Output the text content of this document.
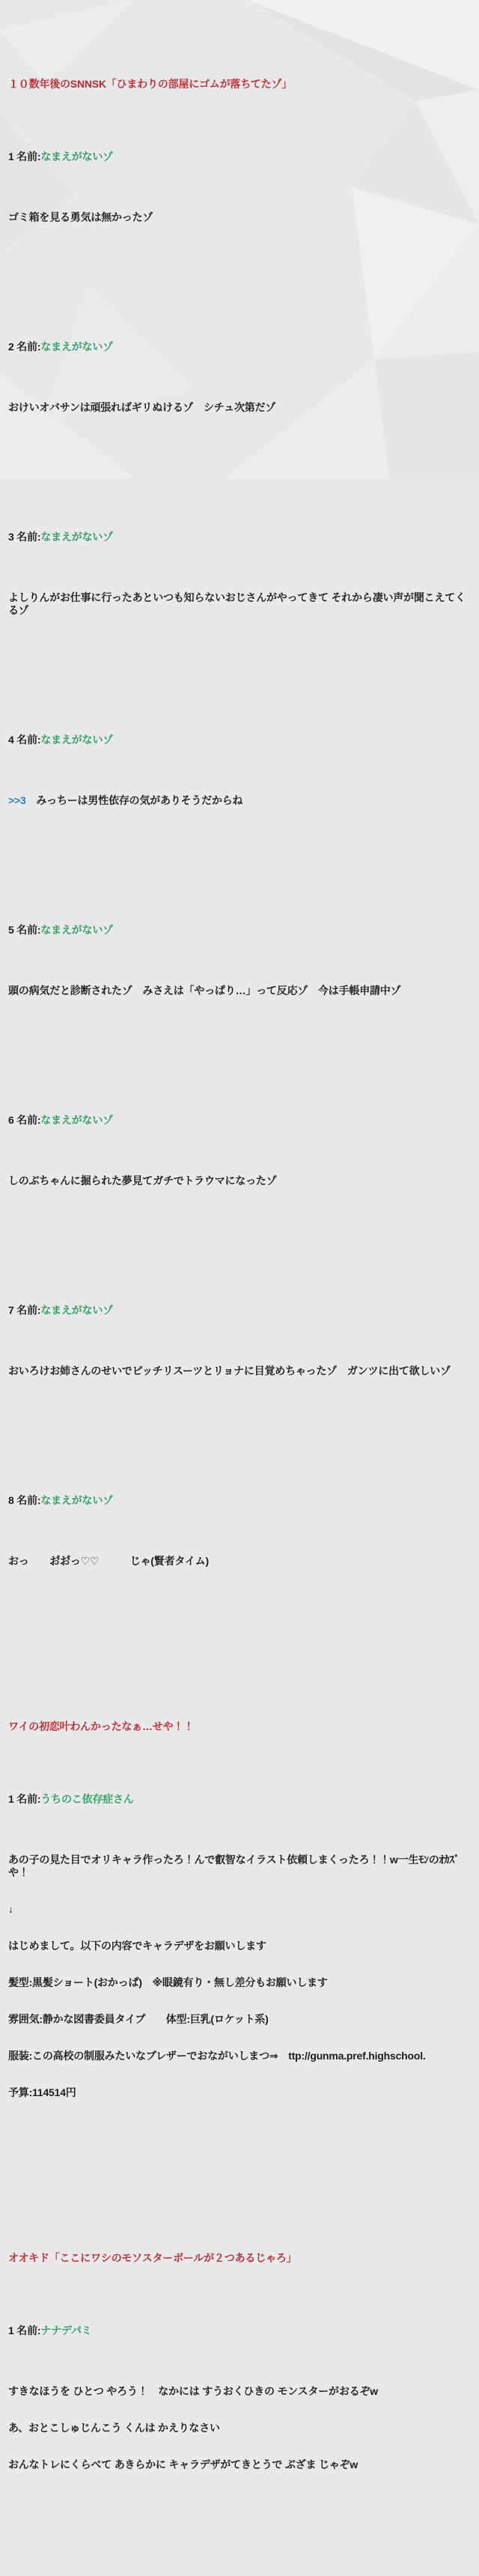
１０数年後のSNNSK「ひまわりの部屋にゴムが落ちてたゾ」

1 名前:なまえがないゾ

ゴミ箱を見る勇気は無かったゾ

2 名前:なまえがないゾ

おけいオバサンは頑張ればギリぬけるゾ　シチュ次第だゾ

3 名前:なまえがないゾ

よしりんがお仕事に行ったあといつも知らないおじさんがやってきて それから凄い声が聞こえてくるゾ

4 名前:なまえがないゾ

>>3　みっちーは男性依存の気がありそうだからね

5 名前:なまえがないゾ

頭の病気だと診断されたゾ　みさえは「やっぱり…」って反応ゾ　今は手帳申請中ゾ

6 名前:なまえがないゾ

しのぶちゃんに掘られた夢見てガチでトラウマになったゾ

7 名前:なまえがないゾ

おいろけお姉さんのせいでピッチリスーツとリョナに目覚めちゃったゾ　ガンツに出て欲しいゾ

8 名前:なまえがないゾ

おっ　　お゙お゙っ♡♡　　　じゃ(賢者タイム)

ワイの初恋叶わんかったなぁ…せや！！

1 名前:うちのこ依存症さん

あの子の見た目でオリキャラ作ったろ！んで叡智なイラスト依頼しまくったろ！！w一生ﾓﾝのｵｶｽﾞや！

↓

はじめまして。以下の内容でキャラデザをお願いします

髪型:黒髪ショート(おかっぱ)　※眼鏡有り・無し差分もお願いします

雰囲気:静かな図書委員タイプ　　体型:巨乳(ロケット系)

服装:この高校の制服みたいなブレザーでおながいしまつ⇒　ttp://gunma.pref.highschool.

予算:114514円

オオキド「ここにワシのモソスターボールが２つあるじゃろ」

1 名前:ナナデパミ

すきなほうを ひとつ やろう！　なかには すうおくひきの モンスターがおるぞw

あ、おとこしゅじんこう くんは かえりなさい

おんなトレにくらべて あきらかに キャラデザがてきとうで ぶざま じゃぞw
